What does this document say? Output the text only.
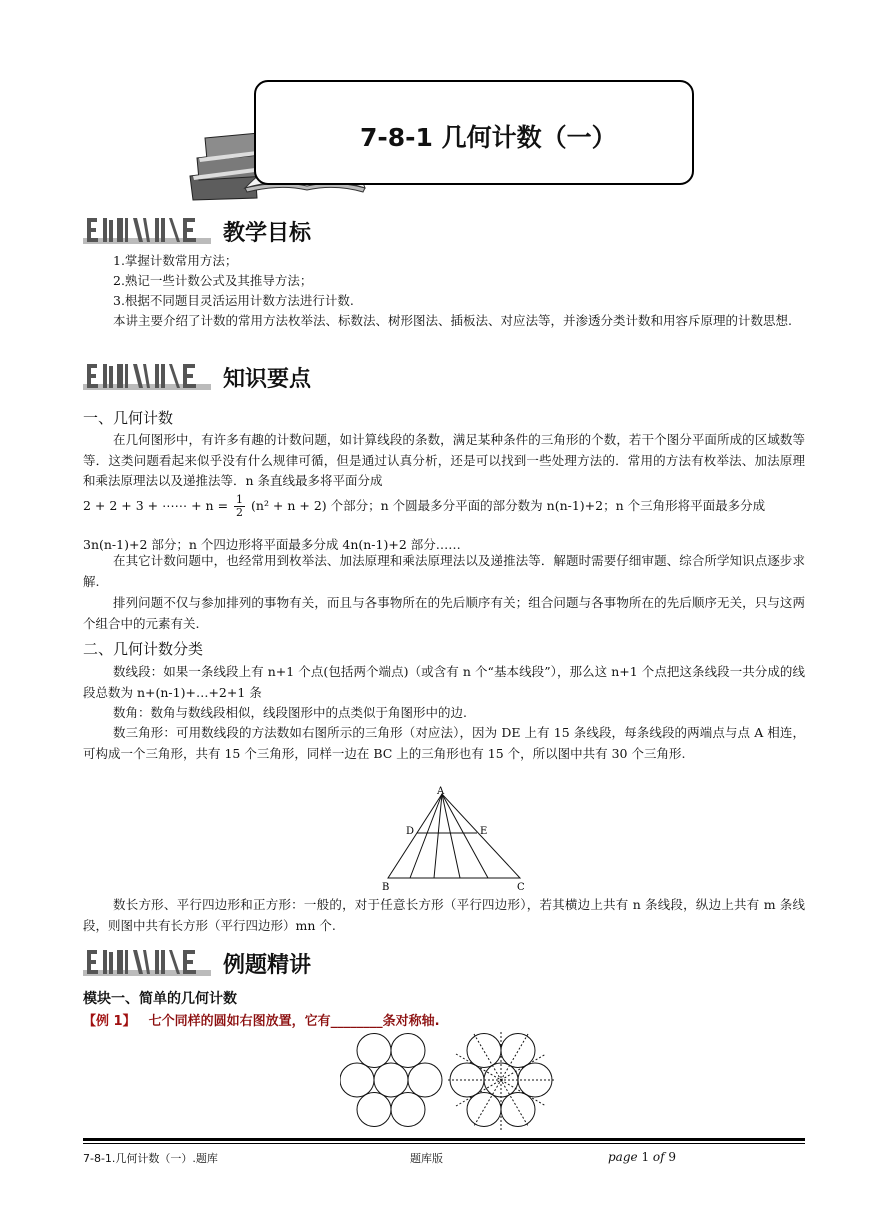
7-8-1 几何计数（一）
教学目标
1.掌握计数常用方法；
2.熟记一些计数公式及其推导方法；
3.根据不同题目灵活运用计数方法进行计数.
本讲主要介绍了计数的常用方法枚举法、标数法、树形图法、插板法、对应法等，并渗透分类计数和用容斥原理的计数思想.
知识要点
一、几何计数
在几何图形中，有许多有趣的计数问题，如计算线段的条数，满足某种条件的三角形的个数，若干个图分平面所成的区域数等等．这类问题看起来似乎没有什么规律可循，但是通过认真分析，还是可以找到一些处理方法的．常用的方法有枚举法、加法原理和乘法原理法以及递推法等．n 条直线最多将平面分成
2 + 2 + 3 + ⋯⋯ + $n = \frac{1}{2} (n^2 + n + 2)$ 个部分；n 个圆最多分平面的部分数为 n(n-1)+2；n 个三角形将平面最多分成
3n(n-1)+2 部分；n 个四边形将平面最多分成 4n(n-1)+2 部分……
在其它计数问题中，也经常用到枚举法、加法原理和乘法原理法以及递推法等．解题时需要仔细审题、综合所学知识点逐步求解.
排列问题不仅与参加排列的事物有关，而且与各事物所在的先后顺序有关；组合问题与各事物所在的先后顺序无关，只与这两个组合中的元素有关.
二、几何计数分类
数线段：如果一条线段上有 n+1 个点(包括两个端点)（或含有 n 个“基本线段”），那么这 n+1 个点把这条线段一共分成的线段总数为 n+(n-1)+…+2+1 条
数角：数角与数线段相似，线段图形中的点类似于角图形中的边.
数三角形：可用数线段的方法数如右图所示的三角形（对应法），因为 DE 上有 15 条线段，每条线段的两端点与点 A 相连，可构成一个三角形，共有 15 个三角形，同样一边在 BC 上的三角形也有 15 个，所以图中共有 30 个三角形.
A
D	E
B	C
数长方形、平行四边形和正方形：一般的，对于任意长方形（平行四边形），若其横边上共有 n 条线段，纵边上共有 m 条线段，则图中共有长方形（平行四边形）mn 个.
例题精讲
模块一、简单的几何计数
【例 1】 七个同样的圆如右图放置，它有________条对称轴.
7-8-1.几何计数（一）.题库	题库版	page 1 of 9
